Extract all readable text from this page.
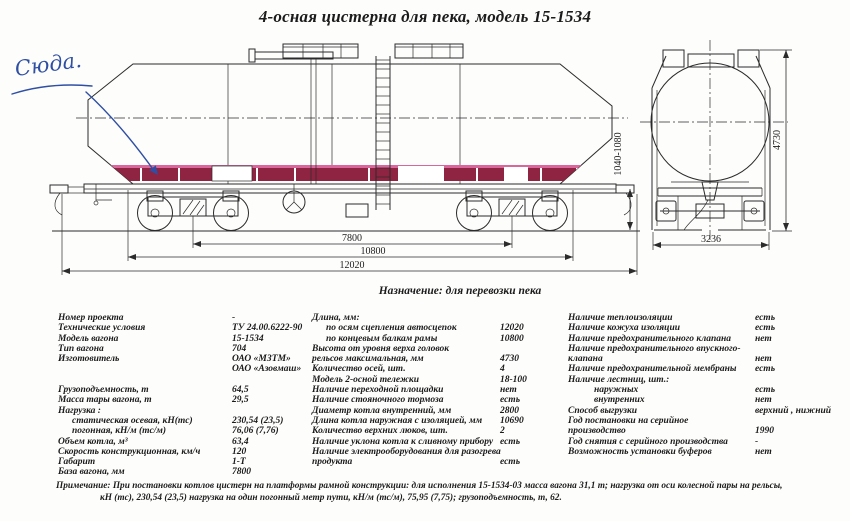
4-осная цистерна для пека, модель 15-1534
7800
10800
12020
1040-1080
3236
4730
Сюда.
Назначение: для перевозки пека
Номер проекта	-
Технические условия	ТУ 24.00.6222-90
Модель вагона	15-1534
Тип вагона	704
Изготовитель	ОАО «МЗТМ»
ОАО «Азовмаш»
Грузоподъемность, т	64,5
Масса тары вагона, т	29,5
Нагрузка :
статическая осевая, кН(тс)	230,54 (23,5)
погонная, кН/м (тс/м)	76,06 (7,76)
Объем котла, м³	63,4
Скорость конструкционная, км/ч	120
Габарит	1-Т
База вагона, мм	7800
Длина, мм:
по осям сцепления автосцепок	12020
по концевым балкам рамы	10800
Высота от уровня верха головок
рельсов максимальная, мм	4730
Количество осей, шт.	4
Модель 2-осной тележки	18-100
Наличие переходной площадки	нет
Наличие стояночного тормоза	есть
Диаметр котла внутренний, мм	2800
Длина котла наружная с изоляцией, мм	10690
Количество верхних люков, шт.	2
Наличие уклона котла к сливному прибору есть
Наличие электрооборудования для разогрева
продукта	есть
Наличие теплоизоляции	есть
Наличие кожуха изоляции	есть
Наличие предохранительного клапана	нет
Наличие предохранительного впускного-
клапана	нет
Наличие предохранительной мембраны	есть
Наличие лестниц, шт.:
наружных	есть
внутренних	нет
Способ выгрузки	верхний , нижний
Год постановки на серийное
производство	1990
Год снятия с серийного производства	-
Возможность установки буферов	нет
Примечание: При постановки котлов цистерн на платформы рамной конструкции: для исполнения 15-1534-03 масса вагона 31,1 т; нагрузка от оси колесной пары на рельсы,
кН (тс), 230,54 (23,5) нагрузка на один погонный метр пути, кН/м (тс/м), 75,95 (7,75); грузоподъемность, т, 62.
